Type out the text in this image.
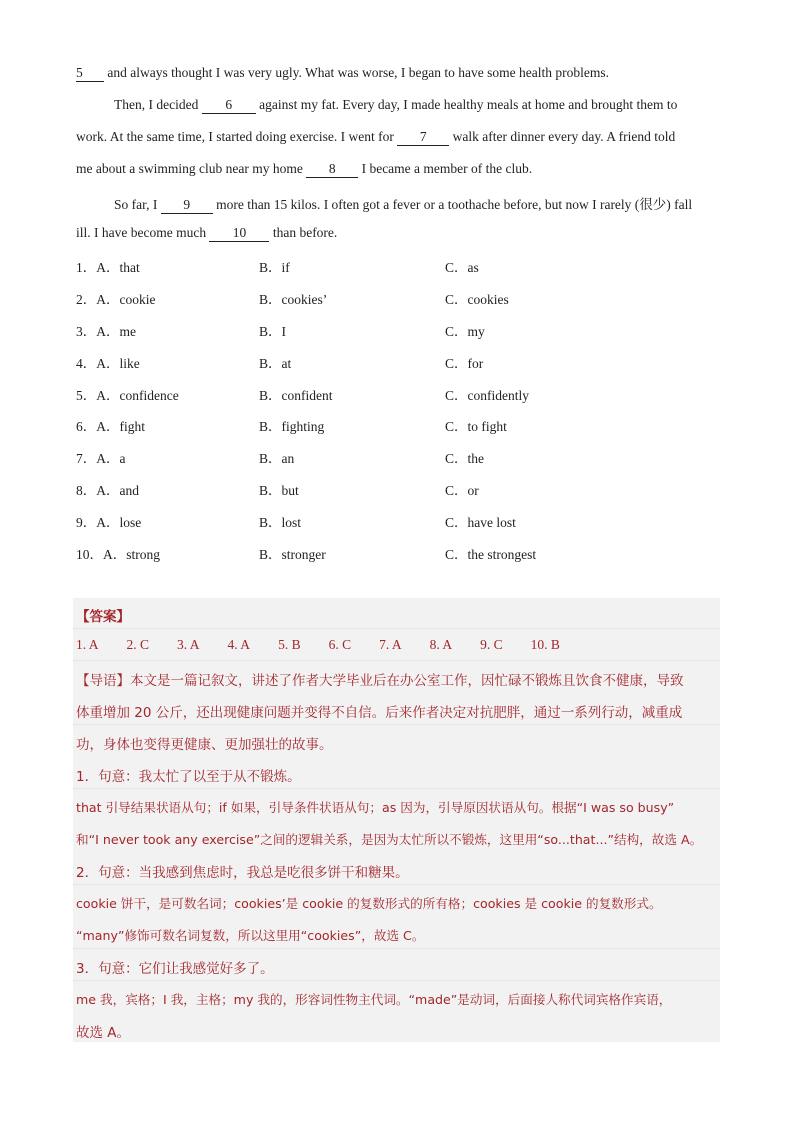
5 and always thought I was very ugly. What was worse, I began to have some health problems.
Then, I decided 6 against my fat. Every day, I made healthy meals at home and brought them to
work. At the same time, I started doing exercise. I went for 7 walk after dinner every day. A friend told
me about a swimming club near my home 8 I became a member of the club.
So far, I 9 more than 15 kilos. I often got a fever or a toothache before, but now I rarely (很少) fall
ill. I have become much 10 than before.
1．A．that	B．if	C．as
2．A．cookie	B．cookies’	C．cookies
3．A．me	B．I	C．my
4．A．like	B．at	C．for
5．A．confidence	B．confident	C．confidently
6．A．fight	B．fighting	C．to fight
7．A．a	B．an	C．the
8．A．and	B．but	C．or
9．A．lose	B．lost	C．have lost
10．A．strong	B．stronger	C．the strongest
【答案】
1. A 2. C 3. A 4. A 5. B 6. C 7. A 8. A 9. C 10. B
【导语】本文是一篇记叙文，讲述了作者大学毕业后在办公室工作，因忙碌不锻炼且饮食不健康，导致
体重增加 20 公斤，还出现健康问题并变得不自信。后来作者决定对抗肥胖，通过一系列行动，减重成
功，身体也变得更健康、更加强壮的故事。
1．句意：我太忙了以至于从不锻炼。
that 引导结果状语从句；if 如果，引导条件状语从句；as 因为，引导原因状语从句。根据“I was so busy”
和“I never took any exercise”之间的逻辑关系，是因为太忙所以不锻炼，这里用“so...that...”结构，故选 A。
2．句意：当我感到焦虑时，我总是吃很多饼干和糖果。
cookie 饼干，是可数名词；cookies’是 cookie 的复数形式的所有格；cookies 是 cookie 的复数形式。
“many”修饰可数名词复数，所以这里用“cookies”，故选 C。
3．句意：它们让我感觉好多了。
me 我，宾格；I 我，主格；my 我的，形容词性物主代词。“made”是动词，后面接人称代词宾格作宾语，
故选 A。
